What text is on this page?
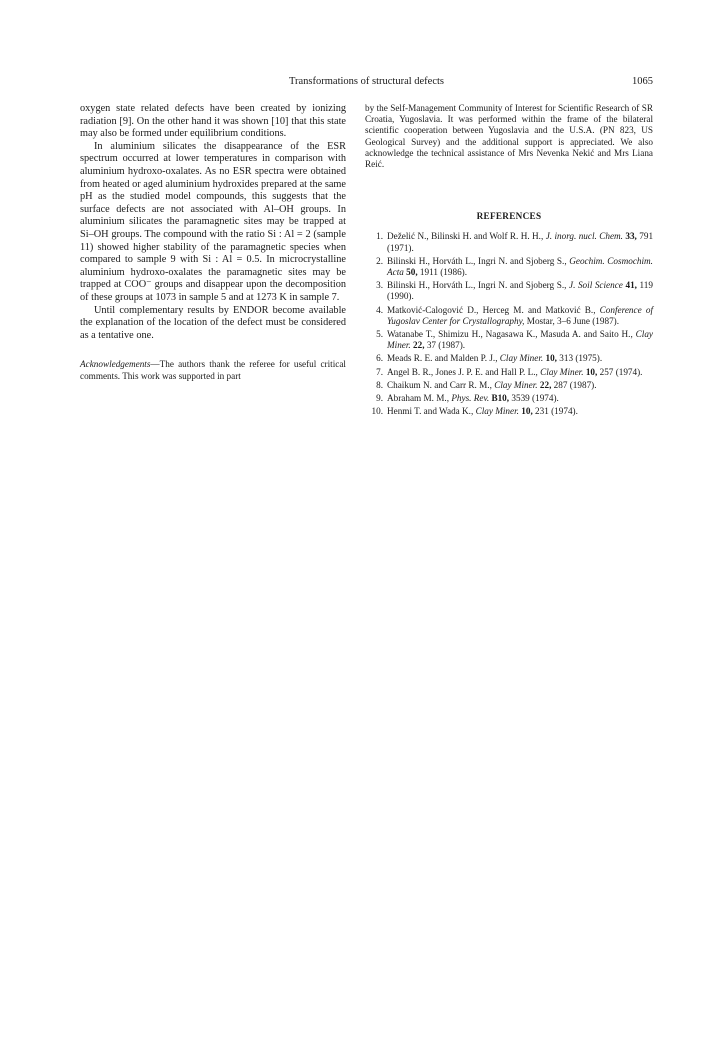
Transformations of structural defects	1065

oxygen state related defects have been created by ionizing radiation [9]. On the other hand it was shown [10] that this state may also be formed under equilibrium conditions.

In aluminium silicates the disappearance of the ESR spectrum occurred at lower temperatures in comparison with aluminium hydroxo-oxalates. As no ESR spectra were obtained from heated or aged aluminium hydroxides prepared at the same pH as the studied model compounds, this suggests that the surface defects are not associated with Al–OH groups. In aluminium silicates the paramagnetic sites may be trapped at Si–OH groups. The compound with the ratio Si : Al = 2 (sample 11) showed higher stability of the paramagnetic species when compared to sample 9 with Si : Al = 0.5. In microcrystalline aluminium hydroxo-oxalates the paramagnetic sites may be trapped at COO⁻ groups and disappear upon the decomposition of these groups at 1073 in sample 5 and at 1273 K in sample 7.

Until complementary results by ENDOR become available the explanation of the location of the defect must be considered as a tentative one.

Acknowledgements—The authors thank the referee for useful critical comments. This work was supported in part

by the Self-Management Community of Interest for Scientific Research of SR Croatia, Yugoslavia. It was performed within the frame of the bilateral scientific cooperation between Yugoslavia and the U.S.A. (PN 823, US Geological Survey) and the additional support is appreciated. We also acknowledge the technical assistance of Mrs Nevenka Nekić and Mrs Liana Reić.

REFERENCES
1. Deželić N., Bilinski H. and Wolf R. H. H., J. inorg. nucl. Chem. 33, 791 (1971).
2. Bilinski H., Horváth L., Ingri N. and Sjoberg S., Geochim. Cosmochim. Acta 50, 1911 (1986).
3. Bilinski H., Horváth L., Ingri N. and Sjoberg S., J. Soil Science 41, 119 (1990).
4. Matković-Calogović D., Herceg M. and Matković B., Conference of Yugoslav Center for Crystallography, Mostar, 3–6 June (1987).
5. Watanabe T., Shimizu H., Nagasawa K., Masuda A. and Saito H., Clay Miner. 22, 37 (1987).
6. Meads R. E. and Malden P. J., Clay Miner. 10, 313 (1975).
7. Angel B. R., Jones J. P. E. and Hall P. L., Clay Miner. 10, 257 (1974).
8. Chaikum N. and Carr R. M., Clay Miner. 22, 287 (1987).
9. Abraham M. M., Phys. Rev. B10, 3539 (1974).
10. Henmi T. and Wada K., Clay Miner. 10, 231 (1974).
